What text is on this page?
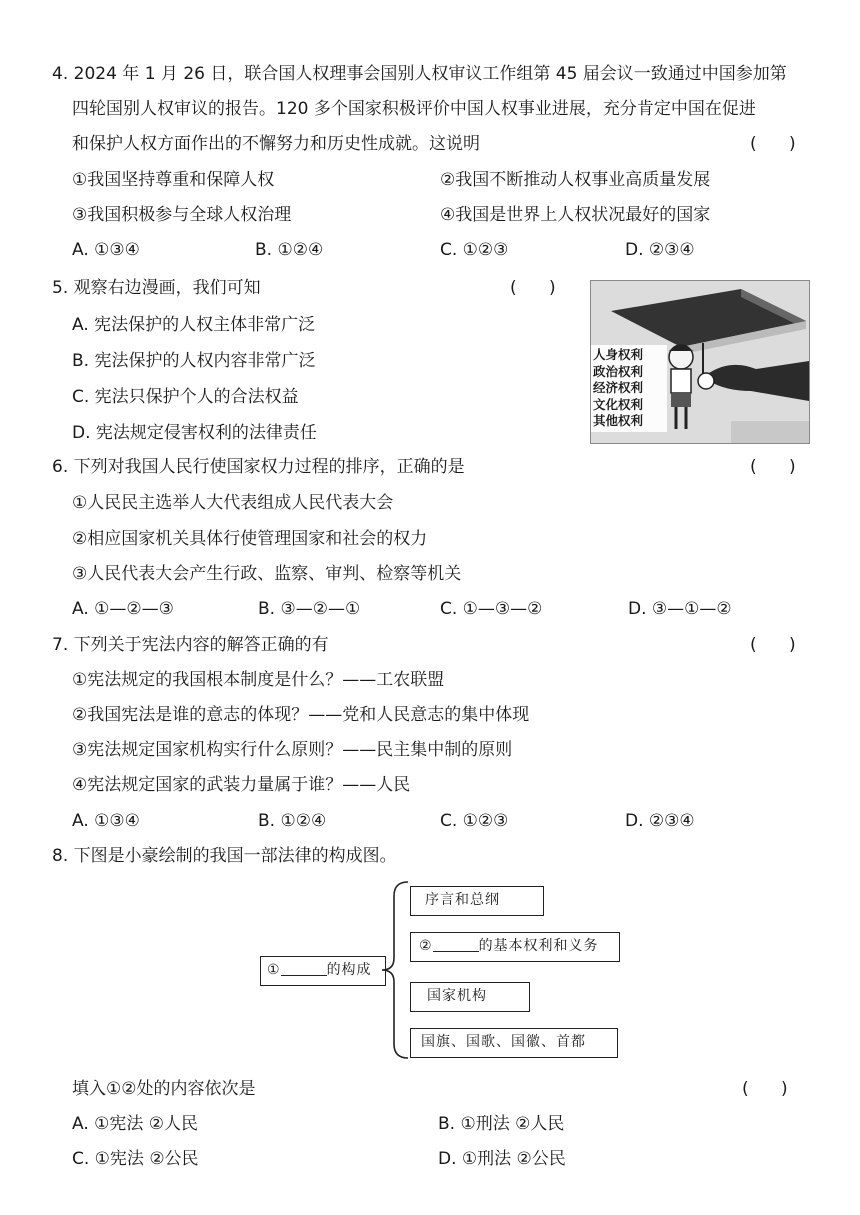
4. 2024 年 1 月 26 日，联合国人权理事会国别人权审议工作组第 45 届会议一致通过中国参加第
四轮国别人权审议的报告。120 多个国家积极评价中国人权事业进展，充分肯定中国在促进
和保护人权方面作出的不懈努力和历史性成就。这说明	(      )
①我国坚持尊重和保障人权	②我国不断推动人权事业高质量发展
③我国积极参与全球人权治理	④我国是世界上人权状况最好的国家
A. ①③④	B. ①②④	C. ①②③	D. ②③④
5. 观察右边漫画，我们可知	(      )
A. 宪法保护的人权主体非常广泛
B. 宪法保护的人权内容非常广泛
C. 宪法只保护个人的合法权益
D. 宪法规定侵害权利的法律责任
人身权利
政治权利
经济权利
文化权利
其他权利
6. 下列对我国人民行使国家权力过程的排序，正确的是	(      )
①人民民主选举人大代表组成人民代表大会
②相应国家机关具体行使管理国家和社会的权力
③人民代表大会产生行政、监察、审判、检察等机关
A. ①—②—③	B. ③—②—①	C. ①—③—②	D. ③—①—②
7. 下列关于宪法内容的解答正确的有	(      )
①宪法规定的我国根本制度是什么？——工农联盟
②我国宪法是谁的意志的体现？——党和人民意志的集中体现
③宪法规定国家机构实行什么原则？——民主集中制的原则
④宪法规定国家的武装力量属于谁？——人民
A. ①③④	B. ①②④	C. ①②③	D. ②③④
8. 下图是小豪绘制的我国一部法律的构成图。
①	的构成
序言和总纲
②	的基本权利和义务
国家机构
国旗、国歌、国徽、首都
填入①②处的内容依次是	(      )
A. ①宪法 ②人民	B. ①刑法 ②人民
C. ①宪法 ②公民	D. ①刑法 ②公民
